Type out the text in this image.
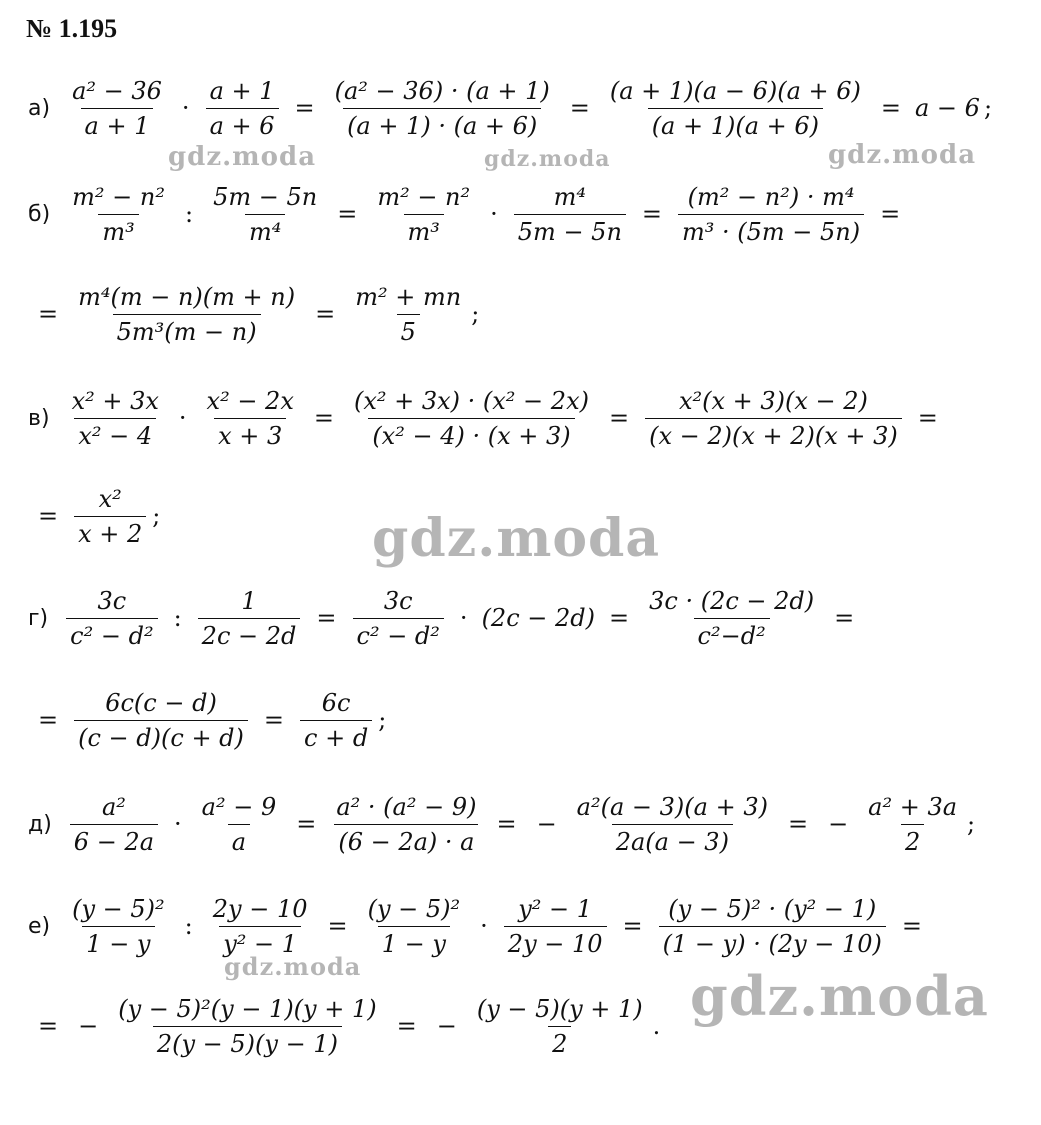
№ 1.195
$а) \frac{\text{a² − 36}}{a + 1} \cdot \frac{a + 1}{a + 6} = \frac{\text{(a² − 36) · (a + 1)}}{(a + 1) \cdot (a + 6)} = \frac{(a + 1)(a - 6)(a + 6)}{(a + 1)(a + 6)} = a - 6$ ;
$б) \frac{\text{m² − n²}}{\text{m³}}$ : $\frac{5m - 5n}{\text{m⁴}} = \frac{\text{m² − n²}}{\text{m³}} \cdot \frac{\text{m⁴}}{5m - 5n} = \frac{\text{(m² − n²) · m⁴}}{\text{m³ · (5m − 5n)}}$ =
= $\frac{\text{m⁴(m − n)(m + n)}}{\text{5m³(m − n)}} = \frac{\text{m² + mn}}{5}$ ;
$в) \frac{\text{x² + 3x}}{\text{x² − 4}} \cdot \frac{\text{x² − 2x}}{x + 3} = \frac{\text{(x² + 3x) · (x² − 2x)}}{\text{(x² − 4) · (x + 3)}} = \frac{\text{x²(x + 3)(x − 2)}}{(x - 2)(x + 2)(x + 3)}$ =
= $\frac{\text{x²}}{x + 2}$ ;
$г) \frac{3c}{\text{c² − d²}}$ : $\frac{1}{2c - 2d} = \frac{3c}{\text{c² − d²}} \cdot (2c - 2d) = \frac{3c \cdot (2c - 2d)}{\text{c²−d²}}$ =
= $\frac{6c(c - d)}{(c - d)(c + d)} = \frac{6c}{c + d}$ ;
$д) \frac{\text{a²}}{6 - 2a} \cdot \frac{\text{a² − 9}}{a} = \frac{\text{a² · (a² − 9)}}{(6 - 2a) \cdot a}$ = − $\frac{\text{a²(a − 3)(a + 3)}}{2a(a - 3)}$ = − $\frac{\text{a² + 3a}}{2}$ ;
$е) \frac{\text{(y − 5)²}}{1 - y}$ : $\frac{2y - 10}{\text{y² − 1}} = \frac{\text{(y − 5)²}}{1 - y} \cdot \frac{\text{y² − 1}}{2y - 10} = \frac{\text{(y − 5)² · (y² − 1)}}{(1 - y) \cdot (2y - 10)}$ =
= − $\frac{\text{(y − 5)²(y − 1)(y + 1)}}{2(y - 5)(y - 1)}$ = − $\frac{(y - 5)(y + 1)}{2}$ .
gdz.moda	gdz.moda	gdz.moda
gdz.moda
gdz.moda	gdz.moda
